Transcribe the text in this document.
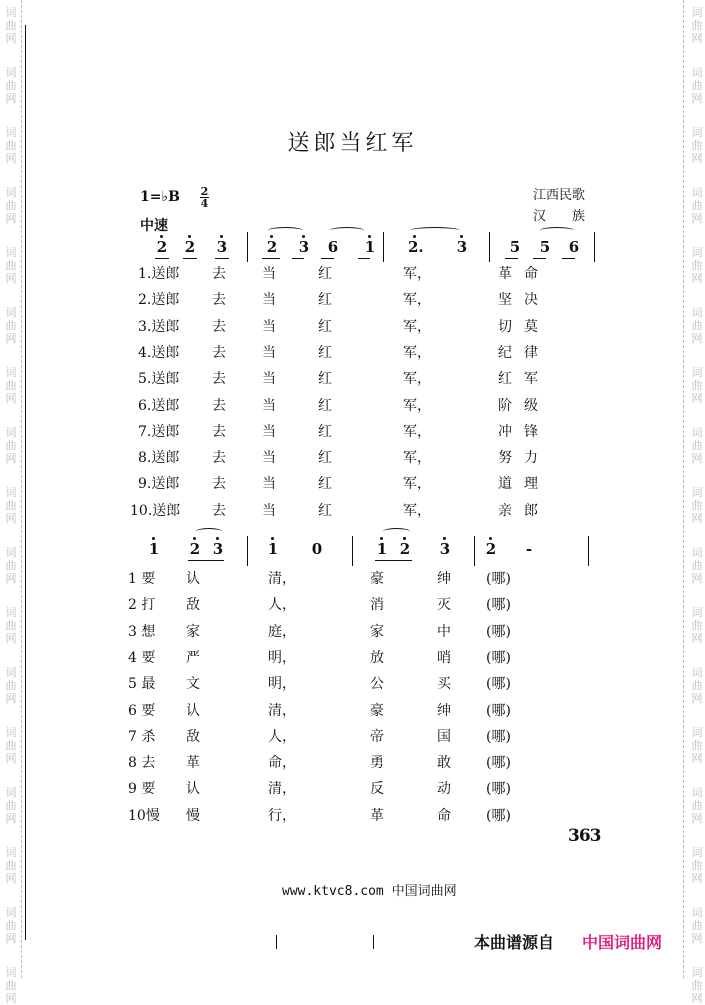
词
曲
网
词
曲
网
词
曲
网
词
曲
网
词
曲
网
词
曲
网
词
曲
网
词
曲
网
词
曲
网
词
曲
网
词
曲
网
词
曲
网
词
曲
网
词
曲
网
词
曲
网
词
曲
网
词
曲
网
词
曲
网
词
曲
网
词
曲
网
词
曲
网
词
曲
网
词
曲
网
词
曲
网
词
曲
网
词
曲
网
词
曲
网
词
曲
网
词
曲
网
词
曲
网
词
曲
网
词
曲
网
词
曲
网
词
曲
网
送郎当红军
1=♭B 2
4
中速
江西民歌
汉　　族
2 2 3	2 3 6 1 2. 3	5 5 6
1.送郎 去	当	红	军，	革命
2.送郎 去	当	红	军，	坚决
3.送郎 去	当	红	军，	切莫
4.送郎 去	当	红	军，	纪律
5.送郎 去	当	红	军，	红军
6.送郎 去	当	红	军，	阶级
7.送郎 去	当	红	军，	冲锋
8.送郎 去	当	红	军，	努力
9.送郎 去	当	红	军，	道理
10.送郎 去	当	红	军，	亲郎
1 2 3	1 0	1 2 3 2 -
1 要 认	清，	豪	绅	(哪)
2 打 敌	人，	消	灭	(哪)
3 想 家	庭，	家	中	(哪)
4 要 严	明，	放	哨	(哪)
5 最 文	明，	公	买	(哪)
6 要 认	清，	豪	绅	(哪)
7 杀 敌	人，	帝	国	(哪)
8 去 革	命，	勇	敢	(哪)
9 要 认	清，	反	动	(哪)
10慢 慢	行，	革	命	(哪)
www.ktvc8.com 中国词曲网
363
本曲谱源自 中国词曲网
